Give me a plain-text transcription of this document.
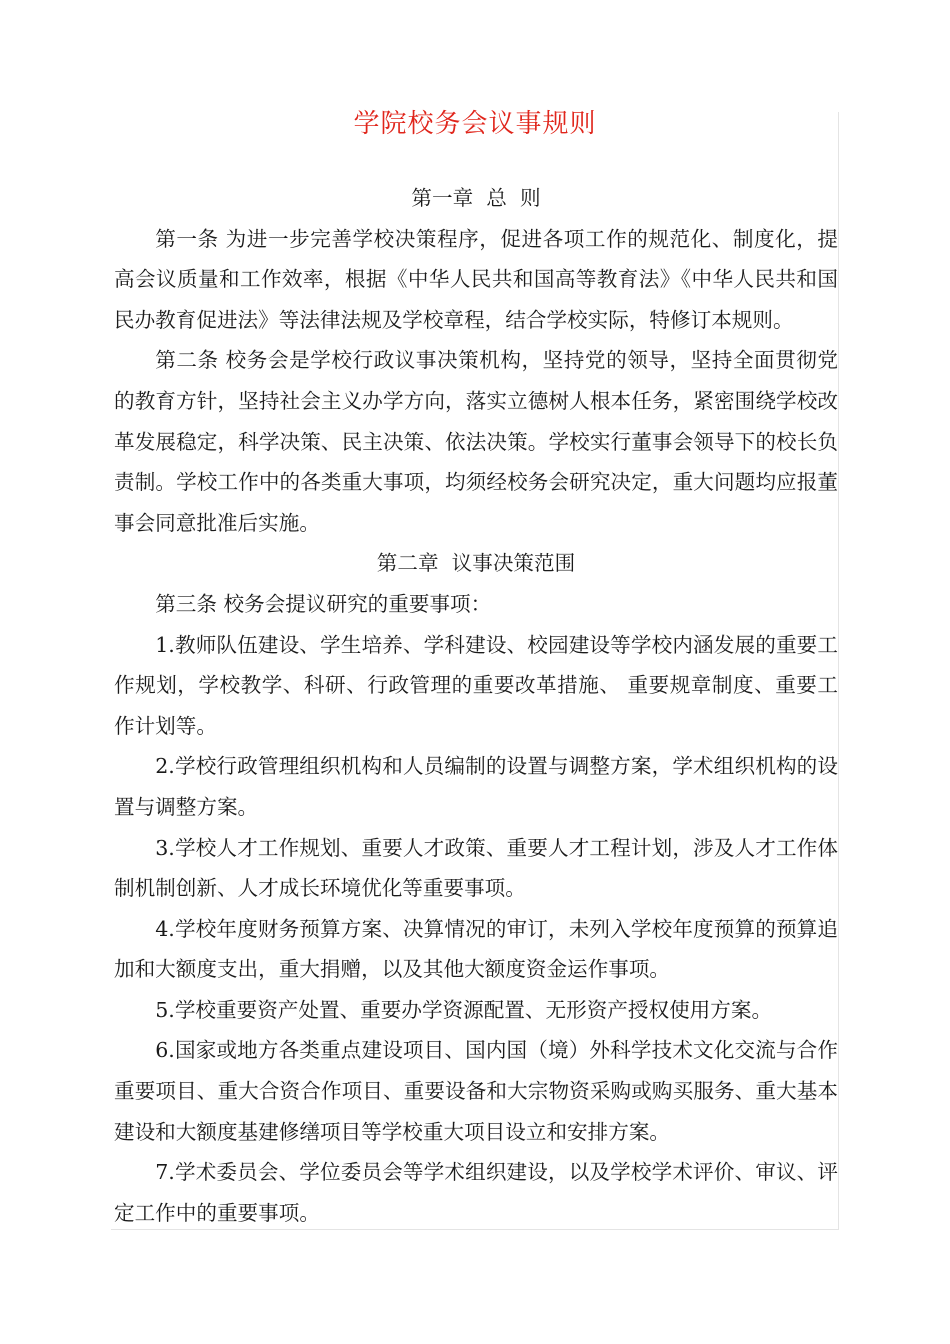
学院校务会议事规则

第一章  总  则

第一条 为进一步完善学校决策程序，促进各项工作的规范化、制度化，提高会议质量和工作效率，根据《中华人民共和国高等教育法》《中华人民共和国民办教育促进法》等法律法规及学校章程，结合学校实际，特修订本规则。

第二条 校务会是学校行政议事决策机构，坚持党的领导，坚持全面贯彻党的教育方针，坚持社会主义办学方向，落实立德树人根本任务，紧密围绕学校改革发展稳定，科学决策、民主决策、依法决策。学校实行董事会领导下的校长负责制。学校工作中的各类重大事项，均须经校务会研究决定，重大问题均应报董事会同意批准后实施。

第二章  议事决策范围

第三条 校务会提议研究的重要事项：

1.教师队伍建设、学生培养、学科建设、校园建设等学校内涵发展的重要工作规划，学校教学、科研、行政管理的重要改革措施、 重要规章制度、重要工作计划等。

2.学校行政管理组织机构和人员编制的设置与调整方案，学术组织机构的设置与调整方案。

3.学校人才工作规划、重要人才政策、重要人才工程计划，涉及人才工作体制机制创新、人才成长环境优化等重要事项。

4.学校年度财务预算方案、决算情况的审订，未列入学校年度预算的预算追加和大额度支出，重大捐赠，以及其他大额度资金运作事项。

5.学校重要资产处置、重要办学资源配置、无形资产授权使用方案。

6.国家或地方各类重点建设项目、国内国（境）外科学技术文化交流与合作重要项目、重大合资合作项目、重要设备和大宗物资采购或购买服务、重大基本建设和大额度基建修缮项目等学校重大项目设立和安排方案。

7.学术委员会、学位委员会等学术组织建设，以及学校学术评价、审议、评定工作中的重要事项。
